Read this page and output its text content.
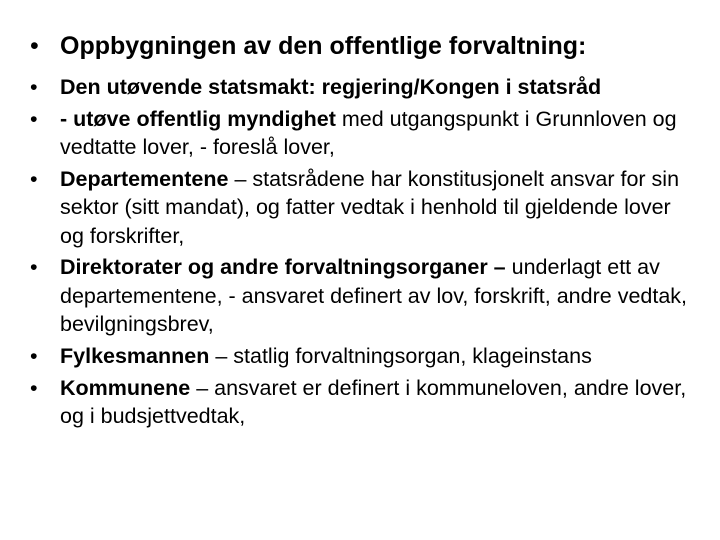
• Oppbygningen av den offentlige forvaltning:
•	Den utøvende statsmakt: regjering/Kongen i statsråd
•	- utøve offentlig myndighet med utgangspunkt i Grunnloven og vedtatte lover, - foreslå lover,
•	Departementene – statsrådene har konstitusjonelt ansvar for sin sektor (sitt mandat), og fatter vedtak i henhold til gjeldende lover og forskrifter,
•	Direktorater og andre forvaltningsorganer – underlagt ett av departementene, - ansvaret definert av lov, forskrift, andre vedtak, bevilgningsbrev,
•	Fylkesmannen – statlig forvaltningsorgan, klageinstans
•	Kommunene – ansvaret er definert i kommuneloven, andre lover, og i budsjettvedtak,
